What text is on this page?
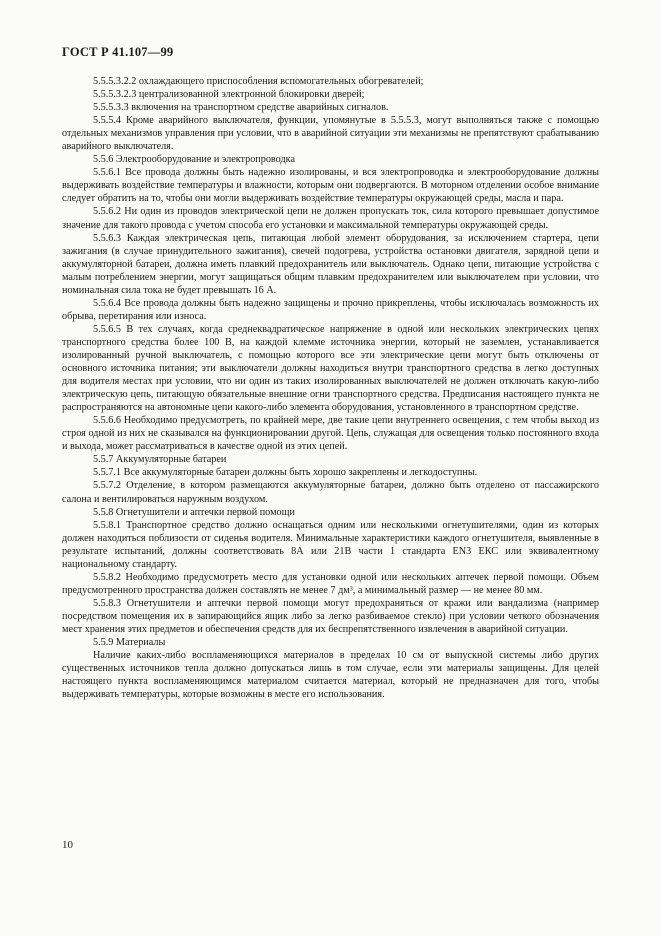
ГОСТ Р 41.107—99

5.5.5.3.2.2 охлаждающего приспособления вспомогательных обогревателей;

5.5.5.3.2.3 централизованной электронной блокировки дверей;

5.5.5.3.3 включения на транспортном средстве аварийных сигналов.

5.5.5.4 Кроме аварийного выключателя, функции, упомянутые в 5.5.5.3, могут выполняться также с помощью отдельных механизмов управления при условии, что в аварийной ситуации эти механизмы не препятствуют срабатыванию аварийного выключателя.

5.5.6 Электрооборудование и электропроводка

5.5.6.1 Все провода должны быть надежно изолированы, и вся электропроводка и электрооборудование должны выдерживать воздействие температуры и влажности, которым они подвергаются. В моторном отделении особое внимание следует обратить на то, чтобы они могли выдерживать воздействие температуры окружающей среды, масла и пара.

5.5.6.2 Ни один из проводов электрической цепи не должен пропускать ток, сила которого превышает допустимое значение для такого провода с учетом способа его установки и максимальной температуры окружающей среды.

5.5.6.3 Каждая электрическая цепь, питающая любой элемент оборудования, за исключением стартера, цепи зажигания (в случае принудительного зажигания), свечей подогрева, устройства остановки двигателя, зарядной цепи и аккумуляторной батареи, должна иметь плавкий предохранитель или выключатель. Однако цепи, питающие устройства с малым потреблением энергии, могут защищаться общим плавким предохранителем или выключателем при условии, что номинальная сила тока не будет превышать 16 А.

5.5.6.4 Все провода должны быть надежно защищены и прочно прикреплены, чтобы исключалась возможность их обрыва, перетирания или износа.

5.5.6.5 В тех случаях, когда среднеквадратическое напряжение в одной или нескольких электрических цепях транспортного средства более 100 В, на каждой клемме источника энергии, который не заземлен, устанавливается изолированный ручной выключатель, с помощью которого все эти электрические цепи могут быть отключены от основного источника питания; эти выключатели должны находиться внутри транспортного средства в легко доступных для водителя местах при условии, что ни один из таких изолированных выключателей не должен отключать какую-либо электрическую цепь, питающую обязательные внешние огни транспортного средства. Предписания настоящего пункта не распространяются на автономные цепи какого-либо элемента оборудования, установленного в транспортном средстве.

5.5.6.6 Необходимо предусмотреть, по крайней мере, две такие цепи внутреннего освещения, с тем чтобы выход из строя одной из них не сказывался на функционировании другой. Цепь, служащая для освещения только постоянного входа и выхода, может рассматриваться в качестве одной из этих цепей.

5.5.7 Аккумуляторные батареи

5.5.7.1 Все аккумуляторные батареи должны быть хорошо закреплены и легкодоступны.

5.5.7.2 Отделение, в котором размещаются аккумуляторные батареи, должно быть отделено от пассажирского салона и вентилироваться наружным воздухом.

5.5.8 Огнетушители и аптечки первой помощи

5.5.8.1 Транспортное средство должно оснащаться одним или несколькими огнетушителями, один из которых должен находиться поблизости от сиденья водителя. Минимальные характеристики каждого огнетушителя, выявленные в результате испытаний, должны соответствовать 8А или 21В части 1 стандарта EN3 ЕКС или эквивалентному национальному стандарту.

5.5.8.2 Необходимо предусмотреть место для установки одной или нескольких аптечек первой помощи. Объем предусмотренного пространства должен составлять не менее 7 дм³, а минимальный размер — не менее 80 мм.

5.5.8.3 Огнетушители и аптечки первой помощи могут предохраняться от кражи или вандализма (например посредством помещения их в запирающийся ящик либо за легко разбиваемое стекло) при условии четкого обозначения мест хранения этих предметов и обеспечения средств для их беспрепятственного извлечения в аварийной ситуации.

5.5.9 Материалы

Наличие каких-либо воспламеняющихся материалов в пределах 10 см от выпускной системы либо других существенных источников тепла должно допускаться лишь в том случае, если эти материалы защищены. Для целей настоящего пункта воспламеняющимся материалом считается материал, который не предназначен для того, чтобы выдерживать температуры, которые возможны в месте его использования.

10
